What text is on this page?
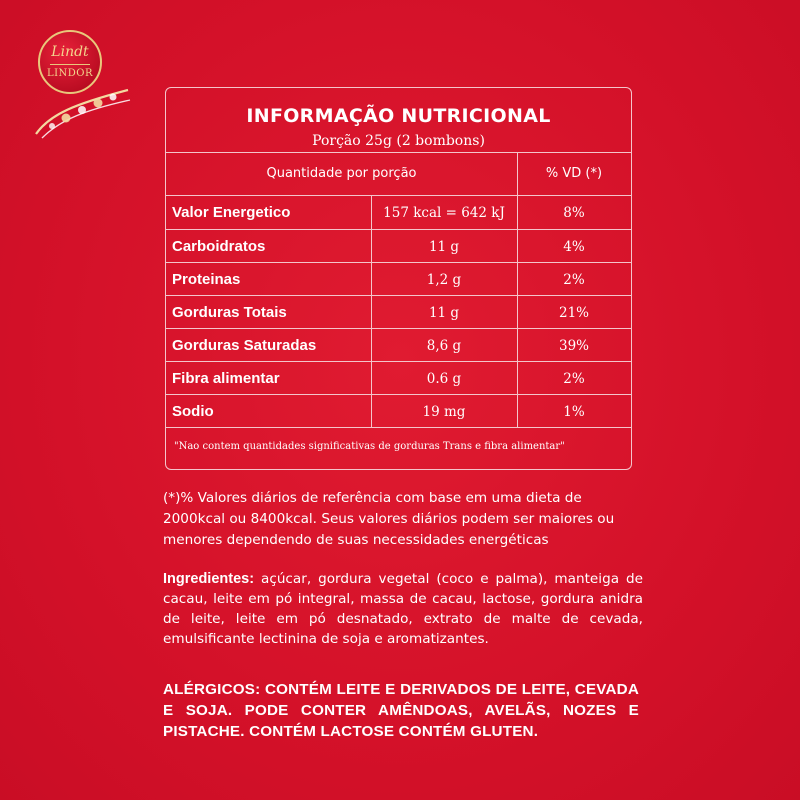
Lindt
LINDOR
INFORMAÇÃO NUTRICIONAL
Porção 25g (2 bombons)
Quantidade por porção	% VD (*)
Valor Energetico	157 kcal = 642 kJ	8%
Carboidratos	11 g	4%
Proteinas	1,2 g	2%
Gorduras Totais	11 g	21%
Gorduras Saturadas	8,6 g	39%
Fibra alimentar	0.6 g	2%
Sodio	19 mg	1%
"Nao contem quantidades significativas de gorduras Trans e fibra alimentar"
(*)% Valores diários de referência com base em uma dieta de 2000kcal ou 8400kcal. Seus valores diários podem ser maiores ou menores dependendo de suas necessidades energéticas
Ingredientes: açúcar, gordura vegetal (coco e palma), manteiga de cacau, leite em pó integral, massa de cacau, lactose, gordura anidra de leite, leite em pó desnatado, extrato de malte de cevada, emulsificante lectinina de soja e aromatizantes.
ALÉRGICOS: CONTÉM LEITE E DERIVADOS DE LEITE, CEVADA E SOJA. PODE CONTER AMÊNDOAS, AVELÃS, NOZES E PISTACHE. CONTÉM LACTOSE CONTÉM GLUTEN.
